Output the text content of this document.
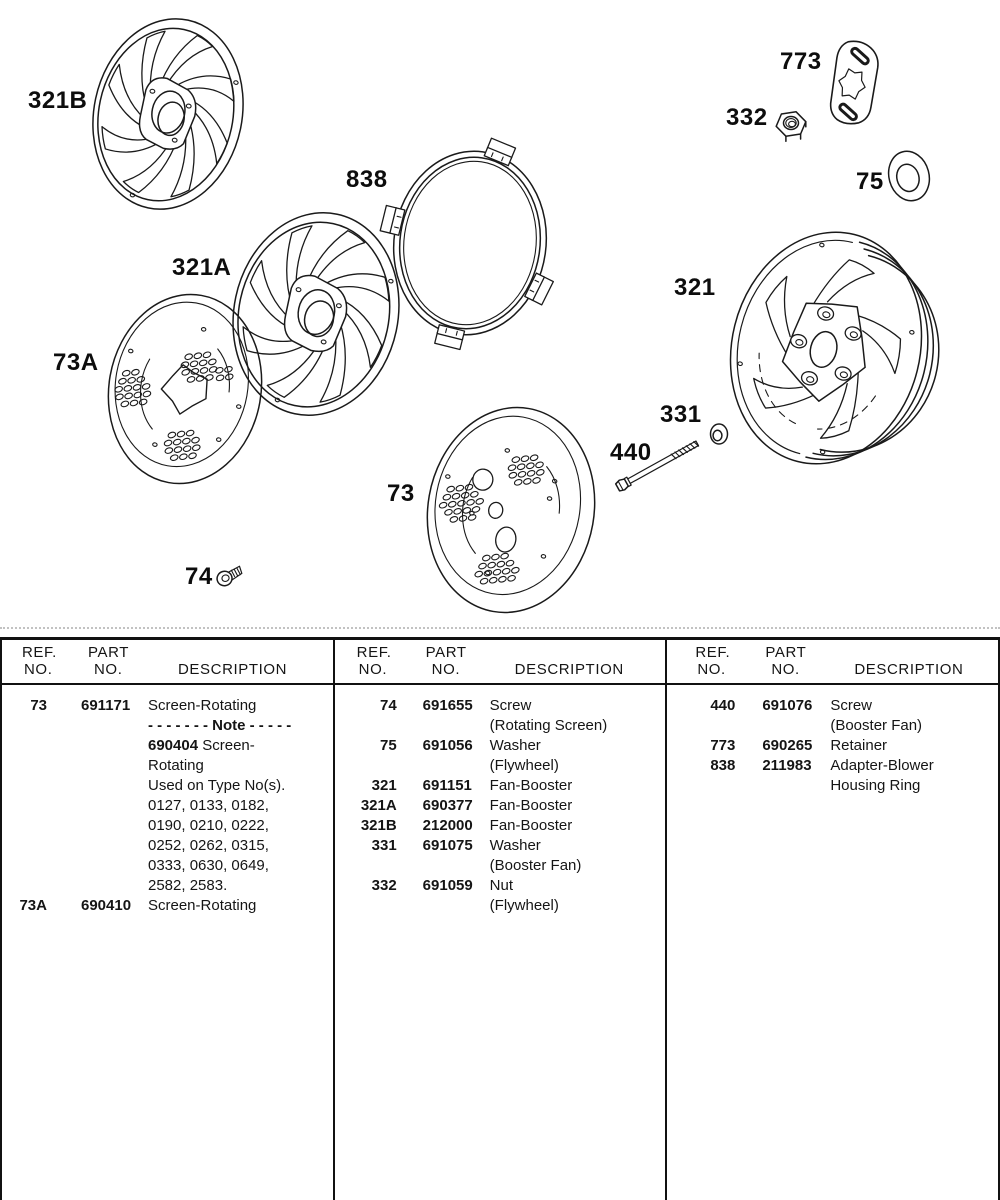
321B
321A
73A
838
73
74
773
332
75
321
331
440
REF.
NO.
PART
NO.	DESCRIPTION
73 691171 Screen-Rotating
- - - - - - - Note - - - - -
690404 Screen-
Rotating
Used on Type No(s).
0127, 0133, 0182,
0190, 0210, 0222,
0252, 0262, 0315,
0333, 0630, 0649,
2582, 2583.
73A 690410 Screen-Rotating
REF.
NO.
PART
NO.	DESCRIPTION
74 691655 Screw
(Rotating Screen)
75 691056 Washer
(Flywheel)
321 691151 Fan-Booster
321A 690377 Fan-Booster
321B 212000 Fan-Booster
331 691075 Washer
(Booster Fan)
332 691059 Nut
(Flywheel)
REF.
NO.
PART
NO.	DESCRIPTION
440 691076 Screw
(Booster Fan)
773 690265 Retainer
838 211983 Adapter-Blower
Housing Ring
